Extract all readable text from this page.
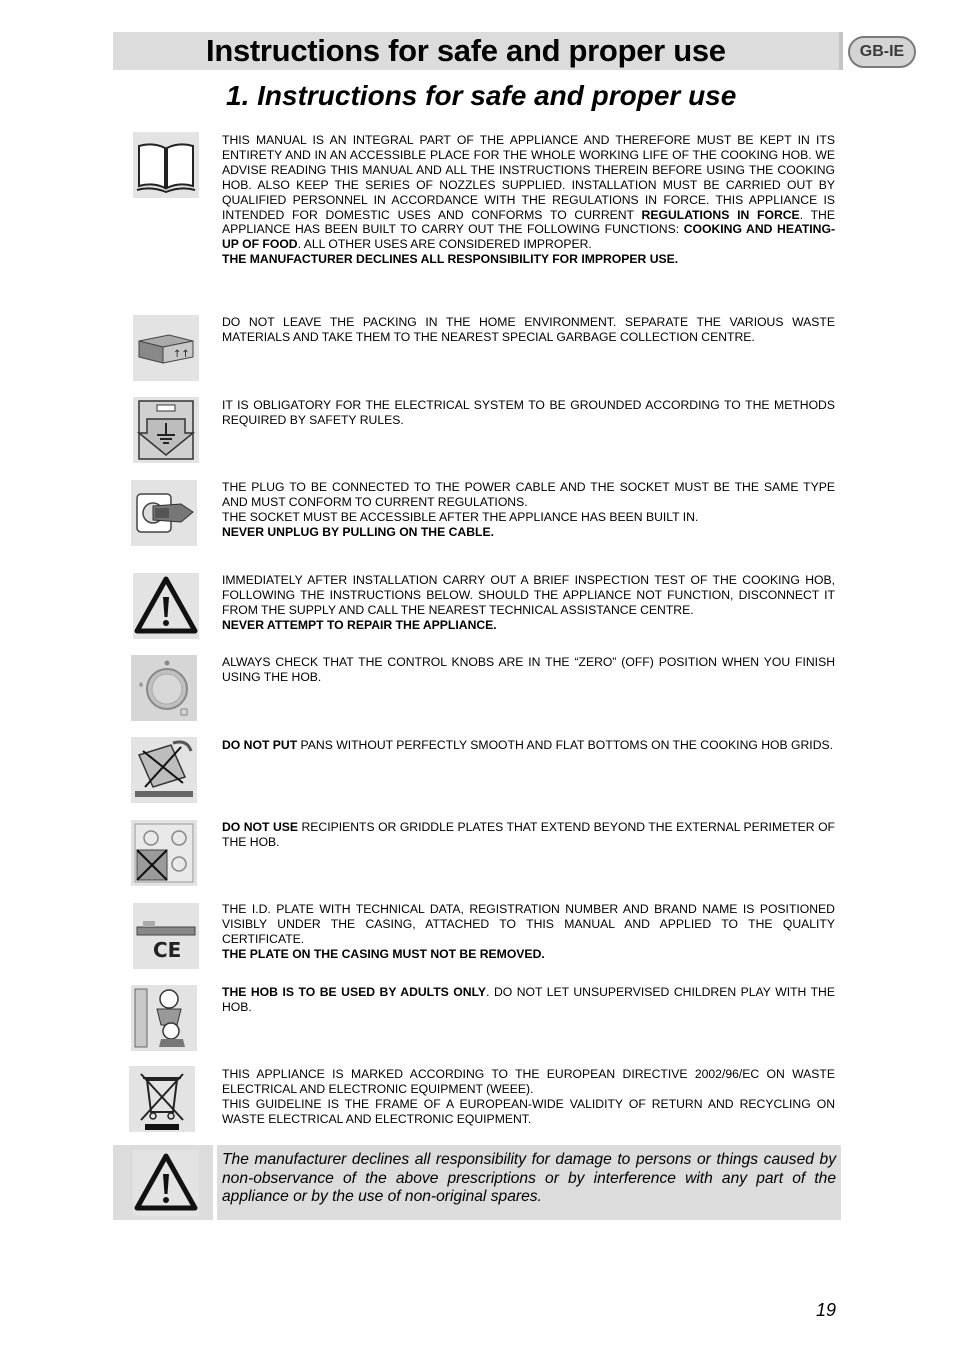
Instructions for safe and proper use	GB-IE
1. Instructions for safe and proper use
↑↑
CE

THIS MANUAL IS AN INTEGRAL PART OF THE APPLIANCE AND THEREFORE MUST BE KEPT IN ITS ENTIRETY AND IN AN ACCESSIBLE PLACE FOR THE WHOLE WORKING LIFE OF THE COOKING HOB. WE ADVISE READING THIS MANUAL AND ALL THE INSTRUCTIONS THEREIN BEFORE USING THE COOKING HOB. ALSO KEEP THE SERIES OF NOZZLES SUPPLIED. INSTALLATION MUST BE CARRIED OUT BY QUALIFIED PERSONNEL IN ACCORDANCE WITH THE REGULATIONS IN FORCE. THIS APPLIANCE IS INTENDED FOR DOMESTIC USES AND CONFORMS TO CURRENT REGULATIONS IN FORCE. THE APPLIANCE HAS BEEN BUILT TO CARRY OUT THE FOLLOWING FUNCTIONS: COOKING AND HEATING-UP OF FOOD. ALL OTHER USES ARE CONSIDERED IMPROPER.

THE MANUFACTURER DECLINES ALL RESPONSIBILITY FOR IMPROPER USE.

DO NOT LEAVE THE PACKING IN THE HOME ENVIRONMENT. SEPARATE THE VARIOUS WASTE MATERIALS AND TAKE THEM TO THE NEAREST SPECIAL GARBAGE COLLECTION CENTRE.

IT IS OBLIGATORY FOR THE ELECTRICAL SYSTEM TO BE GROUNDED ACCORDING TO THE METHODS REQUIRED BY SAFETY RULES.

THE PLUG TO BE CONNECTED TO THE POWER CABLE AND THE SOCKET MUST BE THE SAME TYPE AND MUST CONFORM TO CURRENT REGULATIONS.

THE SOCKET MUST BE ACCESSIBLE AFTER THE APPLIANCE HAS BEEN BUILT IN.

NEVER UNPLUG BY PULLING ON THE CABLE.

IMMEDIATELY AFTER INSTALLATION CARRY OUT A BRIEF INSPECTION TEST OF THE COOKING HOB, FOLLOWING THE INSTRUCTIONS BELOW. SHOULD THE APPLIANCE NOT FUNCTION, DISCONNECT IT FROM THE SUPPLY AND CALL THE NEAREST TECHNICAL ASSISTANCE CENTRE.

NEVER ATTEMPT TO REPAIR THE APPLIANCE.

ALWAYS CHECK THAT THE CONTROL KNOBS ARE IN THE “ZERO” (OFF) POSITION WHEN YOU FINISH USING THE HOB.

DO NOT PUT PANS WITHOUT PERFECTLY SMOOTH AND FLAT BOTTOMS ON THE COOKING HOB GRIDS.

DO NOT USE RECIPIENTS OR GRIDDLE PLATES THAT EXTEND BEYOND THE EXTERNAL PERIMETER OF THE HOB.

THE I.D. PLATE WITH TECHNICAL DATA, REGISTRATION NUMBER AND BRAND NAME IS POSITIONED VISIBLY UNDER THE CASING, ATTACHED TO THIS MANUAL AND APPLIED TO THE QUALITY CERTIFICATE.

THE PLATE ON THE CASING MUST NOT BE REMOVED.

THE HOB IS TO BE USED BY ADULTS ONLY. DO NOT LET UNSUPERVISED CHILDREN PLAY WITH THE HOB.

THIS APPLIANCE IS MARKED ACCORDING TO THE EUROPEAN DIRECTIVE 2002/96/EC ON WASTE ELECTRICAL AND ELECTRONIC EQUIPMENT (WEEE).

THIS GUIDELINE IS THE FRAME OF A EUROPEAN-WIDE VALIDITY OF RETURN AND RECYCLING ON WASTE ELECTRICAL AND ELECTRONIC EQUIPMENT.

The manufacturer declines all responsibility for damage to persons or things caused by non-observance of the above prescriptions or by interference with any part of the appliance or by the use of non-original spares.
19
